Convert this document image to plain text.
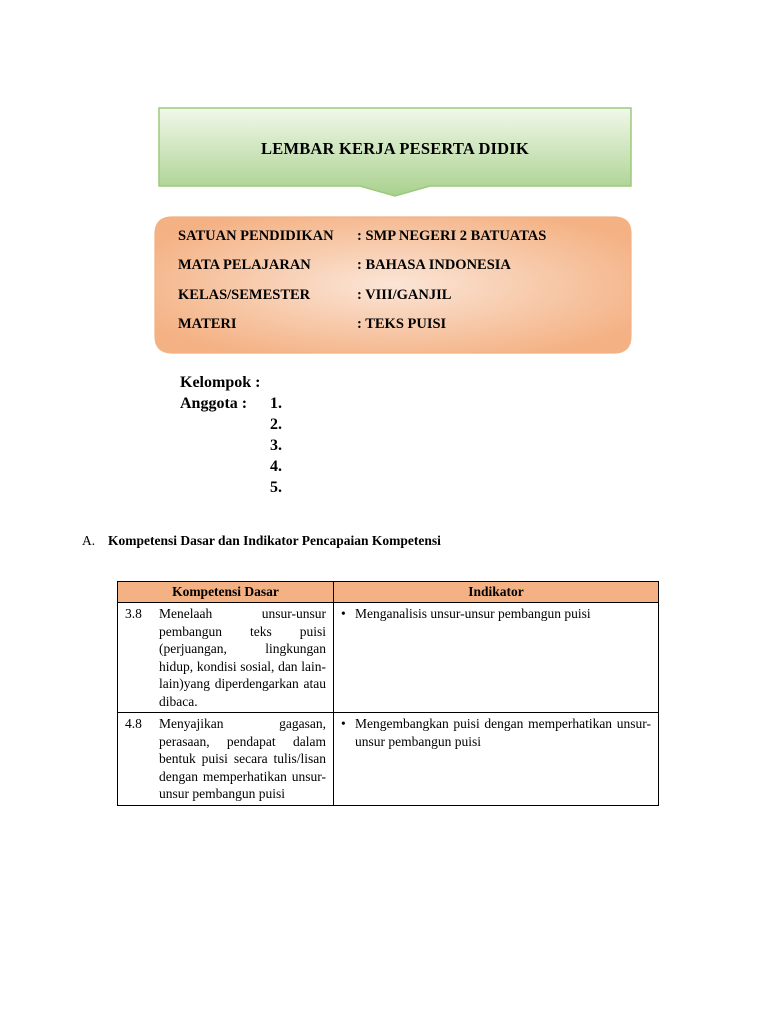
LEMBAR KERJA PESERTA DIDIK
SATUAN PENDIDIKAN : SMP NEGERI 2 BATUATAS
MATA PELAJARAN	: BAHASA INDONESIA
KELAS/SEMESTER	: VIII/GANJIL
MATERI	: TEKS PUISI
Kelompok :
Anggota : 1.
2.
3.
4.
5.
A. Kompetensi Dasar dan Indikator Pencapaian Kompetensi
Kompetensi Dasar	Indikator

3.8 Menelaah unsur-unsur pembangun teks puisi (perjuangan, lingkungan hidup, kondisi sosial, dan lain-lain)yang diperdengarkan atau dibaca.	• Menganalisis unsur-unsur pembangun puisi

4.8 Menyajikan gagasan, perasaan, pendapat dalam bentuk puisi secara tulis/lisan dengan memperhatikan unsur-unsur pembangun puisi	• Mengembangkan puisi dengan memperhatikan unsur-unsur pembangun puisi
